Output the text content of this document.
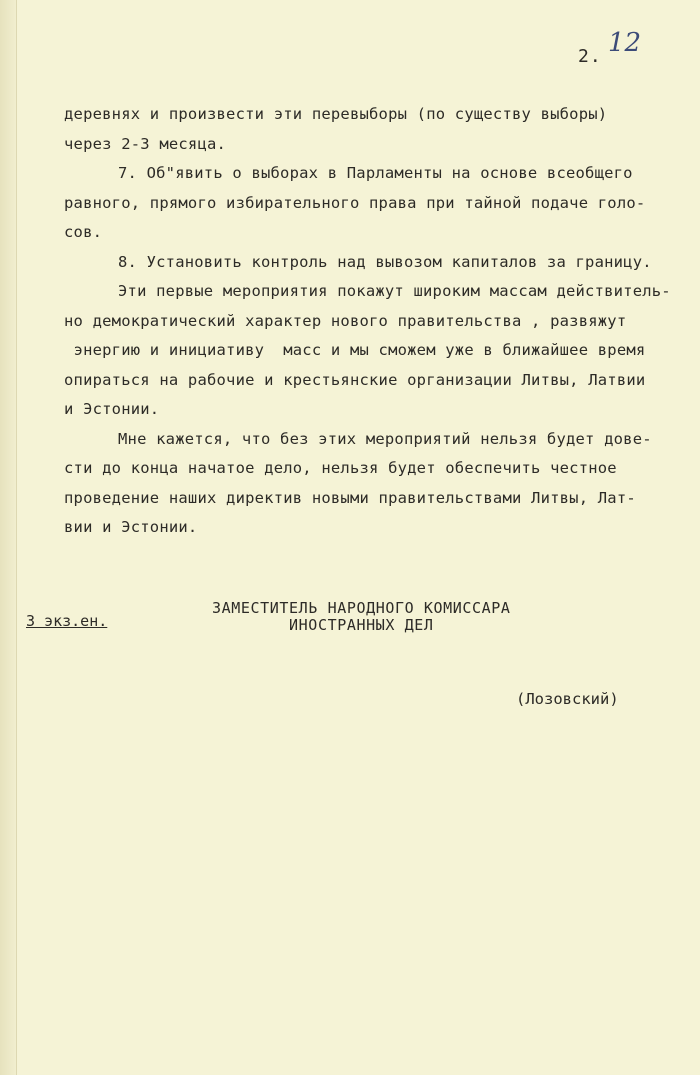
2. 12

деревнях и произвести эти перевыборы (по существу выборы)

через 2-3 месяца.

7. Об"явить о выборах в Парламенты на основе всеобщего

равного, прямого избирательного права при тайной подаче голо-

сов.

8. Установить контроль над вывозом капиталов за границу.

Эти первые мероприятия покажут широким массам действитель-

но демократический характер нового правительства , развяжут

энергию и инициативу  масс и мы сможем уже в ближайшее время

опираться на рабочие и крестьянские организации Литвы, Латвии

и Эстонии.

Мне кажется, что без этих мероприятий нельзя будет дове-

сти до конца начатое дело, нельзя будет обеспечить честное

проведение наших директив новыми правительствами Литвы, Лат-

вии и Эстонии.

3 экз.ен.
ЗАМЕСТИТЕЛЬ НАРОДНОГО КОМИССАРА
ИНОСТРАННЫХ ДЕЛ
(Лозовский)
